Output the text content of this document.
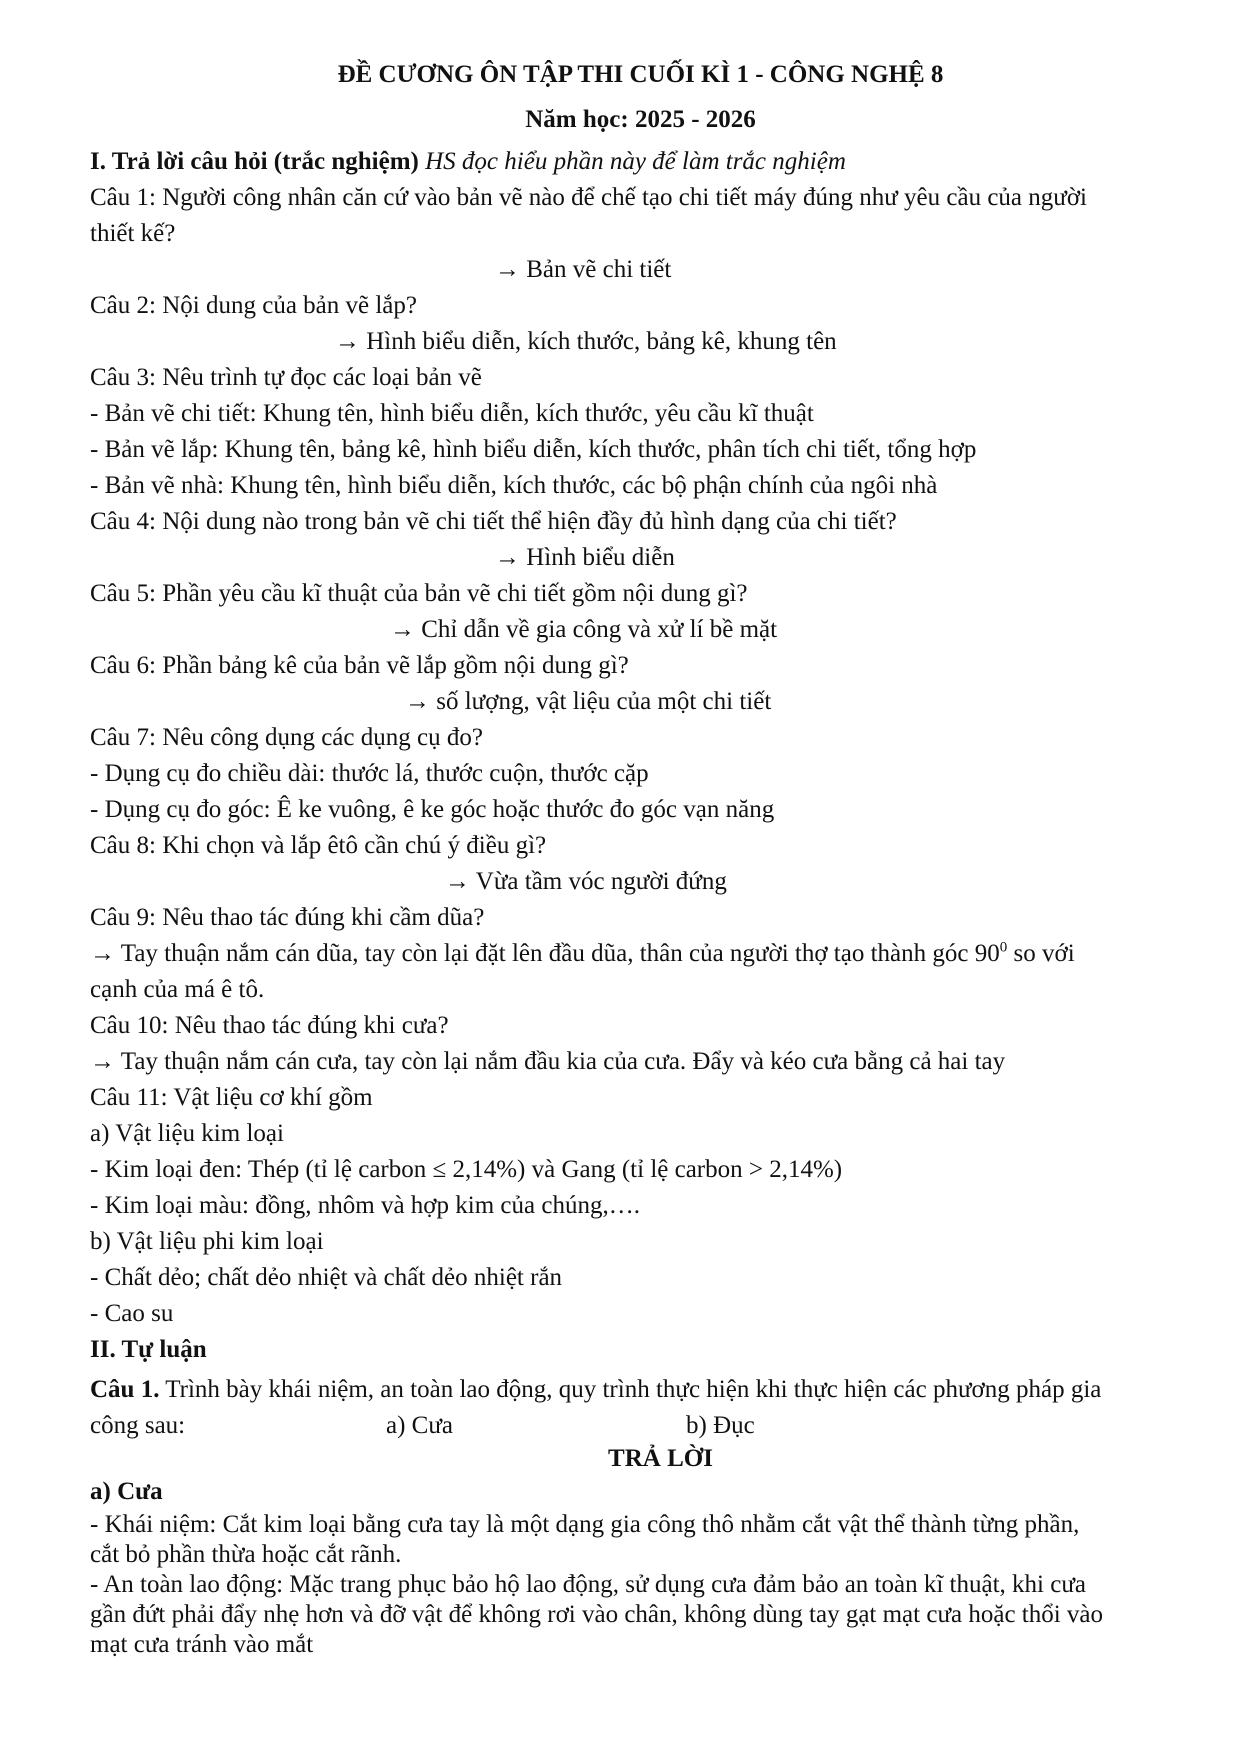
ĐỀ CƯƠNG ÔN TẬP THI CUỐI KÌ 1 - CÔNG NGHỆ 8
Năm học: 2025 - 2026
I. Trả lời câu hỏi (trắc nghiệm) HS đọc hiểu phần này để làm trắc nghiệm
Câu 1: Người công nhân căn cứ vào bản vẽ nào để chế tạo chi tiết máy đúng như yêu cầu của người
thiết kế?
→ Bản vẽ chi tiết
Câu 2: Nội dung của bản vẽ lắp?
→ Hình biểu diễn, kích thước, bảng kê, khung tên
Câu 3: Nêu trình tự đọc các loại bản vẽ
- Bản vẽ chi tiết: Khung tên, hình biểu diễn, kích thước, yêu cầu kĩ thuật
- Bản vẽ lắp: Khung tên, bảng kê, hình biểu diễn, kích thước, phân tích chi tiết, tổng hợp
- Bản vẽ nhà: Khung tên, hình biểu diễn, kích thước, các bộ phận chính của ngôi nhà
Câu 4: Nội dung nào trong bản vẽ chi tiết thể hiện đầy đủ hình dạng của chi tiết?
→ Hình biểu diễn
Câu 5: Phần yêu cầu kĩ thuật của bản vẽ chi tiết gồm nội dung gì?
→ Chỉ dẫn về gia công và xử lí bề mặt
Câu 6: Phần bảng kê của bản vẽ lắp gồm nội dung gì?
→ số lượng, vật liệu của một chi tiết
Câu 7: Nêu công dụng các dụng cụ đo?
- Dụng cụ đo chiều dài: thước lá, thước cuộn, thước cặp
- Dụng cụ đo góc: Ê ke vuông, ê ke góc hoặc thước đo góc vạn năng
Câu 8: Khi chọn và lắp êtô cần chú ý điều gì?
→ Vừa tầm vóc người đứng
Câu 9: Nêu thao tác đúng khi cầm dũa?
→ Tay thuận nắm cán dũa, tay còn lại đặt lên đầu dũa, thân của người thợ tạo thành góc $90^0$ so với
cạnh của má ê tô.
Câu 10: Nêu thao tác đúng khi cưa?
→ Tay thuận nắm cán cưa, tay còn lại nắm đầu kia của cưa. Đẩy và kéo cưa bằng cả hai tay
Câu 11: Vật liệu cơ khí gồm
a) Vật liệu kim loại
- Kim loại đen: Thép (tỉ lệ carbon ≤ 2,14%) và Gang (tỉ lệ carbon > 2,14%)
- Kim loại màu: đồng, nhôm và hợp kim của chúng,….
b) Vật liệu phi kim loại
- Chất dẻo; chất dẻo nhiệt và chất dẻo nhiệt rắn
- Cao su
II. Tự luận
Câu 1. Trình bày khái niệm, an toàn lao động, quy trình thực hiện khi thực hiện các phương pháp gia
công sau:	a) Cưa	b) Đục
TRẢ LỜI
a) Cưa
- Khái niệm: Cắt kim loại bằng cưa tay là một dạng gia công thô nhằm cắt vật thể thành từng phần,
cắt bỏ phần thừa hoặc cắt rãnh.
- An toàn lao động: Mặc trang phục bảo hộ lao động, sử dụng cưa đảm bảo an toàn kĩ thuật, khi cưa
gần đứt phải đẩy nhẹ hơn và đỡ vật để không rơi vào chân, không dùng tay gạt mạt cưa hoặc thổi vào
mạt cưa tránh vào mắt
